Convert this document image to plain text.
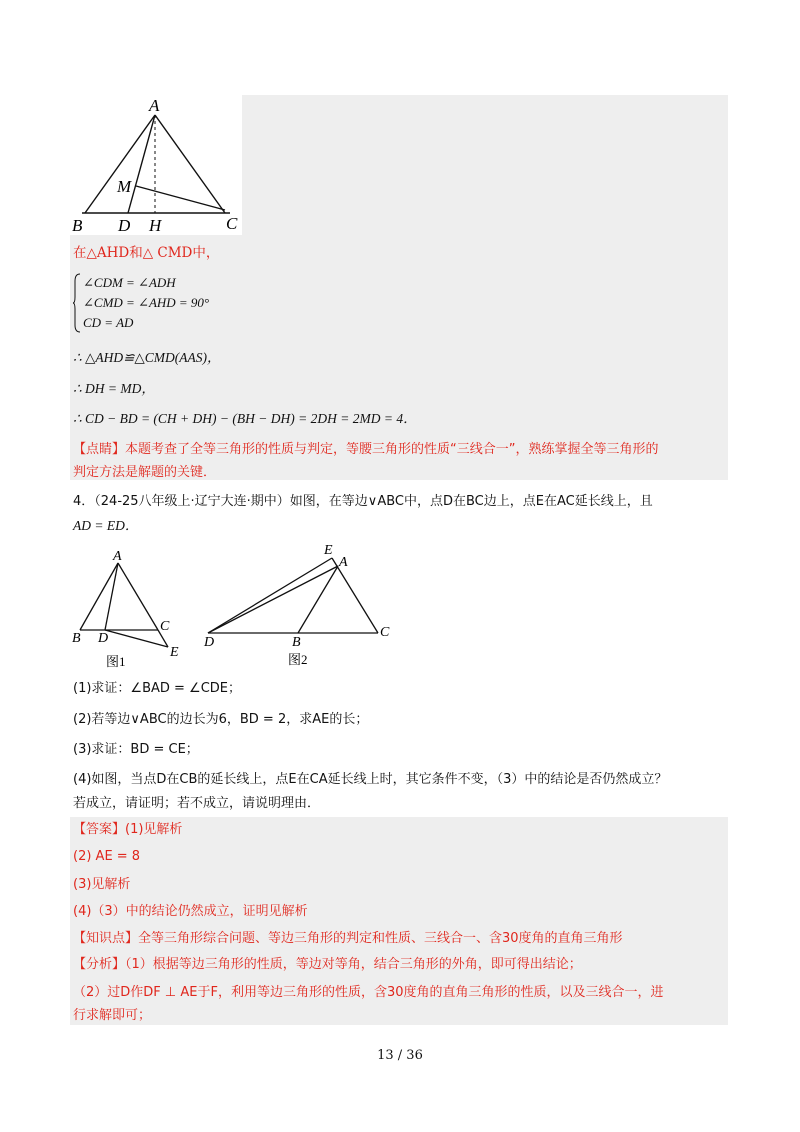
A
M
B D H	C
在△AHD和△ CMD中，
∠CDM = ∠ADH
∠CMD = ∠AHD = 90°
CD = AD
∴ △AHD≌△CMD(AAS)，
∴ DH = MD，
∴ CD − BD = (CH + DH) − (BH − DH) = 2DH = 2MD = 4．
【点睛】本题考查了全等三角形的性质与判定，等腰三角形的性质“三线合一”，熟练掌握全等三角形的
判定方法是解题的关键．
4．（24-25八年级上·辽宁大连·期中）如图，在等边∨ABC中，点D在BC边上，点E在AC延长线上，且
AD = ED．
A
B D
C
E
图1
E
A
D	B
C
图2
(1)求证：∠BAD = ∠CDE；
(2)若等边∨ABC的边长为6，BD = 2，求AE的长；
(3)求证：BD = CE；
(4)如图，当点D在CB的延长线上，点E在CA延长线上时，其它条件不变，（3）中的结论是否仍然成立？
若成立，请证明；若不成立，请说明理由．
【答案】(1)见解析
(2) AE = 8
(3)见解析
(4)（3）中的结论仍然成立，证明见解析
【知识点】全等三角形综合问题、等边三角形的判定和性质、三线合一、含30度角的直角三角形
【分析】（1）根据等边三角形的性质，等边对等角，结合三角形的外角，即可得出结论；
（2）过D作DF ⊥ AE于F，利用等边三角形的性质，含30度角的直角三角形的性质，以及三线合一，进
行求解即可；
13 / 36
